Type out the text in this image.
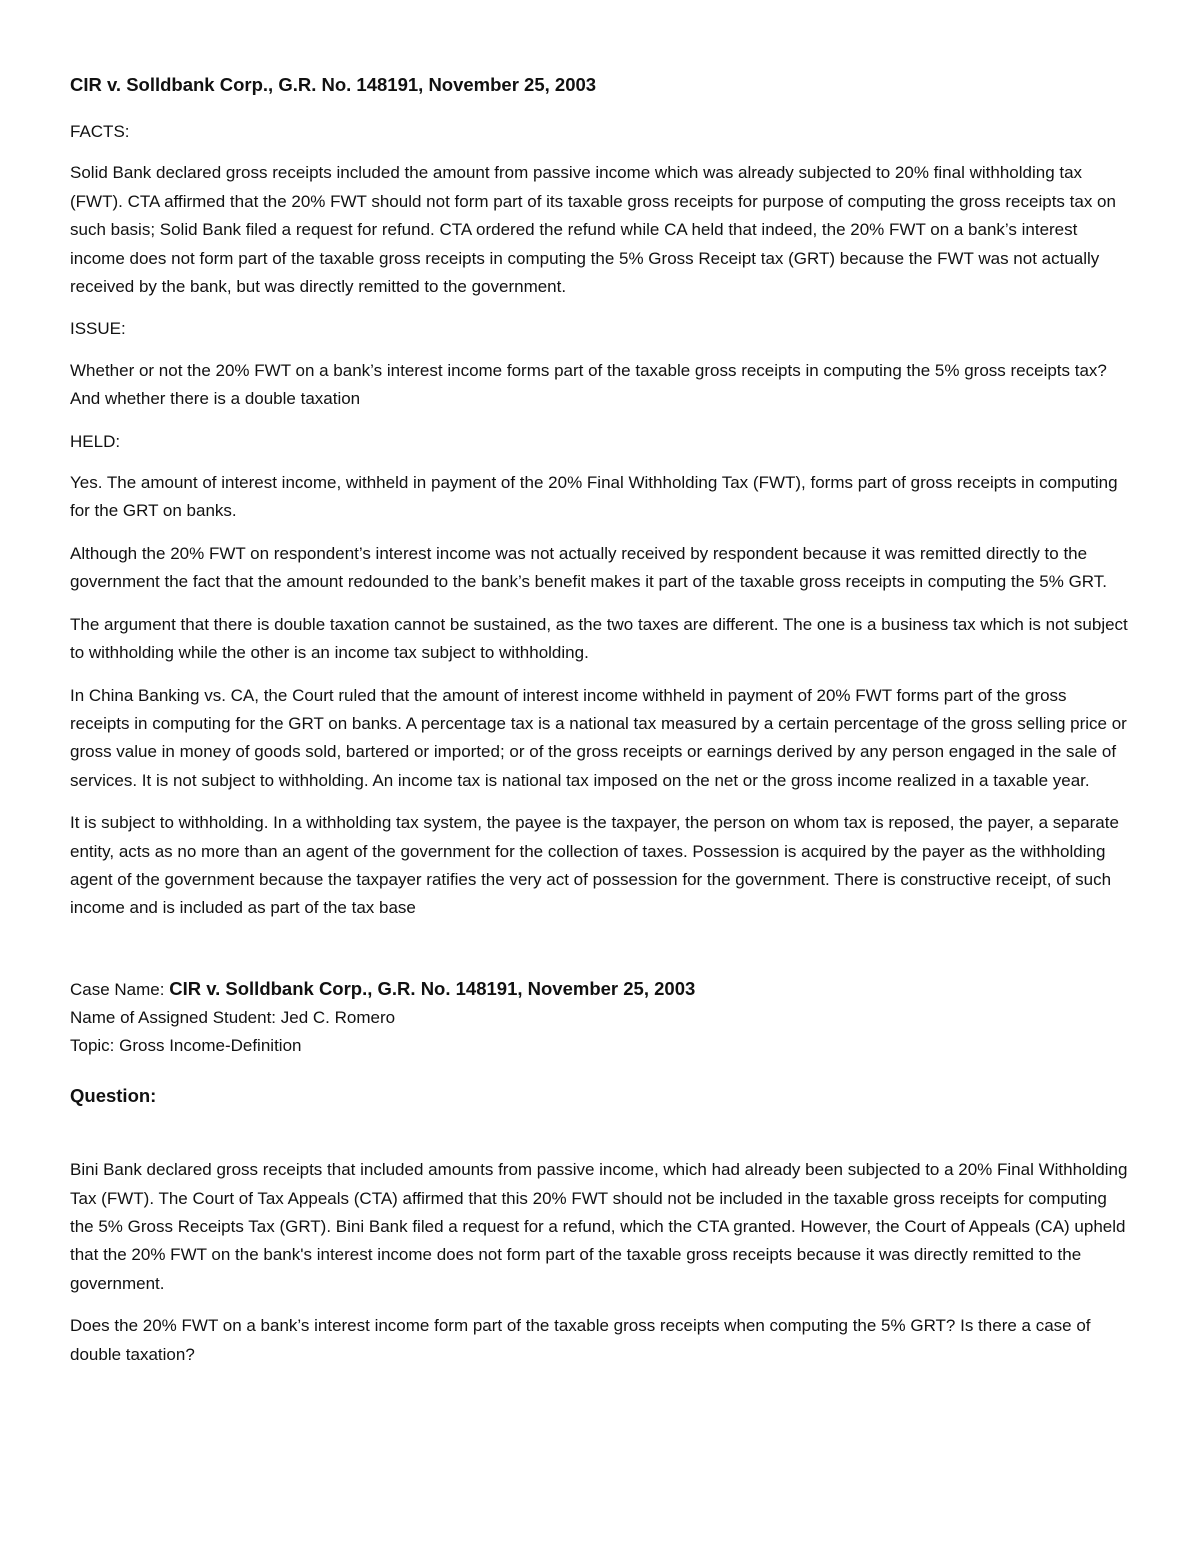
CIR v. Solldbank Corp., G.R. No. 148191, November 25, 2003
FACTS:
Solid Bank declared gross receipts included the amount from passive income which was already subjected to 20% final withholding tax (FWT). CTA affirmed that the 20% FWT should not form part of its taxable gross receipts for purpose of computing the gross receipts tax on such basis; Solid Bank filed a request for refund. CTA ordered the refund while CA held that indeed, the 20% FWT on a bank’s interest income does not form part of the taxable gross receipts in computing the 5% Gross Receipt tax (GRT) because the FWT was not actually received by the bank, but was directly remitted to the government.
ISSUE:
Whether or not the 20% FWT on a bank’s interest income forms part of the taxable gross receipts in computing the 5% gross receipts tax? And whether there is a double taxation
HELD:
Yes. The amount of interest income, withheld in payment of the 20% Final Withholding Tax (FWT), forms part of gross receipts in computing for the GRT on banks.
Although the 20% FWT on respondent’s interest income was not actually received by respondent because it was remitted directly to the government the fact that the amount redounded to the bank’s benefit makes it part of the taxable gross receipts in computing the 5% GRT.
The argument that there is double taxation cannot be sustained, as the two taxes are different. The one is a business tax which is not subject to withholding while the other is an income tax subject to withholding.
In China Banking vs. CA, the Court ruled that the amount of interest income withheld in payment of 20% FWT forms part of the gross receipts in computing for the GRT on banks. A percentage tax is a national tax measured by a certain percentage of the gross selling price or gross value in money of goods sold, bartered or imported; or of the gross receipts or earnings derived by any person engaged in the sale of services. It is not subject to withholding. An income tax is national tax imposed on the net or the gross income realized in a taxable year.
It is subject to withholding. In a withholding tax system, the payee is the taxpayer, the person on whom tax is reposed, the payer, a separate entity, acts as no more than an agent of the government for the collection of taxes. Possession is acquired by the payer as the withholding agent of the government because the taxpayer ratifies the very act of possession for the government. There is constructive receipt, of such income and is included as part of the tax base
Case Name: CIR v. Solldbank Corp., G.R. No. 148191, November 25, 2003
Name of Assigned Student: Jed C. Romero
Topic: Gross Income-Definition
Question:
Bini Bank declared gross receipts that included amounts from passive income, which had already been subjected to a 20% Final Withholding Tax (FWT). The Court of Tax Appeals (CTA) affirmed that this 20% FWT should not be included in the taxable gross receipts for computing the 5% Gross Receipts Tax (GRT). Bini Bank filed a request for a refund, which the CTA granted. However, the Court of Appeals (CA) upheld that the 20% FWT on the bank's interest income does not form part of the taxable gross receipts because it was directly remitted to the government.
Does the 20% FWT on a bank’s interest income form part of the taxable gross receipts when computing the 5% GRT? Is there a case of double taxation?
